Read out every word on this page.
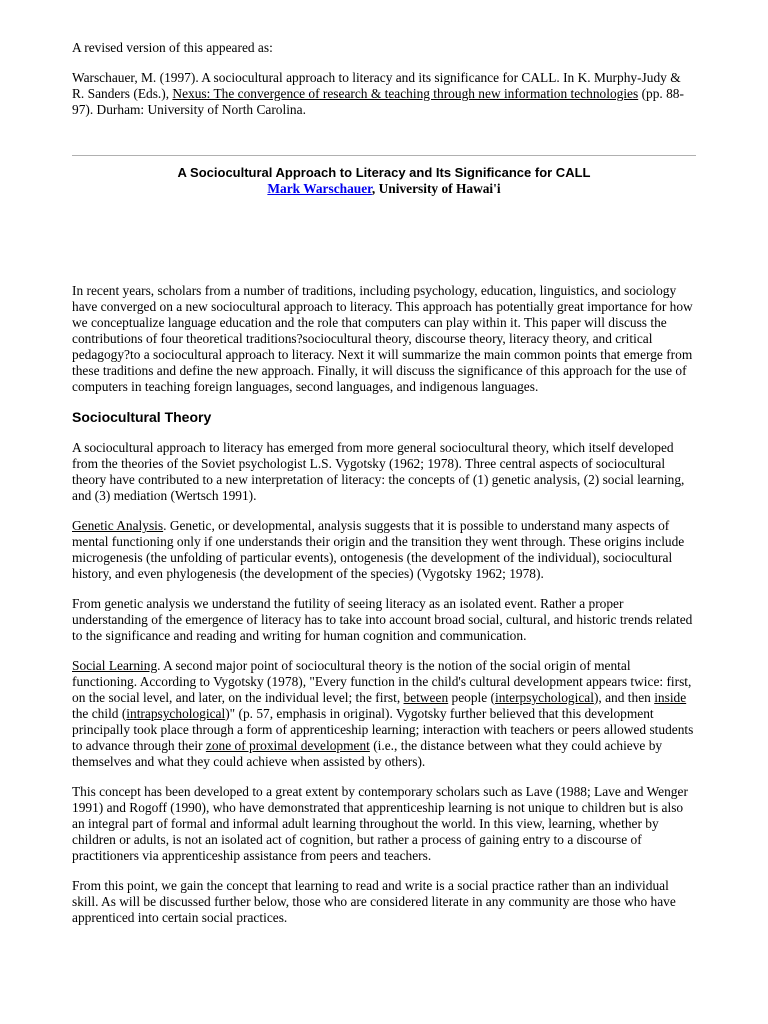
A revised version of this appeared as:

Warschauer, M. (1997). A sociocultural approach to literacy and its significance for CALL. In K. Murphy-Judy & R. Sanders (Eds.), Nexus: The convergence of research & teaching through new information technologies (pp. 88-97). Durham: University of North Carolina.

A Sociocultural Approach to Literacy and Its Significance for CALL
Mark Warschauer, University of Hawai'i

In recent years, scholars from a number of traditions, including psychology, education, linguistics, and sociology have converged on a new sociocultural approach to literacy. This approach has potentially great importance for how we conceptualize language education and the role that computers can play within it. This paper will discuss the contributions of four theoretical traditions?sociocultural theory, discourse theory, literacy theory, and critical pedagogy?to a sociocultural approach to literacy. Next it will summarize the main common points that emerge from these traditions and define the new approach. Finally, it will discuss the significance of this approach for the use of computers in teaching foreign languages, second languages, and indigenous languages.

Sociocultural Theory

A sociocultural approach to literacy has emerged from more general sociocultural theory, which itself developed from the theories of the Soviet psychologist L.S. Vygotsky (1962; 1978). Three central aspects of sociocultural theory have contributed to a new interpretation of literacy: the concepts of (1) genetic analysis, (2) social learning, and (3) mediation (Wertsch 1991).

Genetic Analysis. Genetic, or developmental, analysis suggests that it is possible to understand many aspects of mental functioning only if one understands their origin and the transition they went through. These origins include microgenesis (the unfolding of particular events), ontogenesis (the development of the individual), sociocultural history, and even phylogenesis (the development of the species) (Vygotsky 1962; 1978).

From genetic analysis we understand the futility of seeing literacy as an isolated event. Rather a proper understanding of the emergence of literacy has to take into account broad social, cultural, and historic trends related to the significance and reading and writing for human cognition and communication.

Social Learning. A second major point of sociocultural theory is the notion of the social origin of mental functioning. According to Vygotsky (1978), "Every function in the child's cultural development appears twice: first, on the social level, and later, on the individual level; the first, between people (interpsychological), and then inside the child (intrapsychological)" (p. 57, emphasis in original). Vygotsky further believed that this development principally took place through a form of apprenticeship learning; interaction with teachers or peers allowed students to advance through their zone of proximal development (i.e., the distance between what they could achieve by themselves and what they could achieve when assisted by others).

This concept has been developed to a great extent by contemporary scholars such as Lave (1988; Lave and Wenger 1991) and Rogoff (1990), who have demonstrated that apprenticeship learning is not unique to children but is also an integral part of formal and informal adult learning throughout the world. In this view, learning, whether by children or adults, is not an isolated act of cognition, but rather a process of gaining entry to a discourse of practitioners via apprenticeship assistance from peers and teachers.

From this point, we gain the concept that learning to read and write is a social practice rather than an individual skill. As will be discussed further below, those who are considered literate in any community are those who have apprenticed into certain social practices.
